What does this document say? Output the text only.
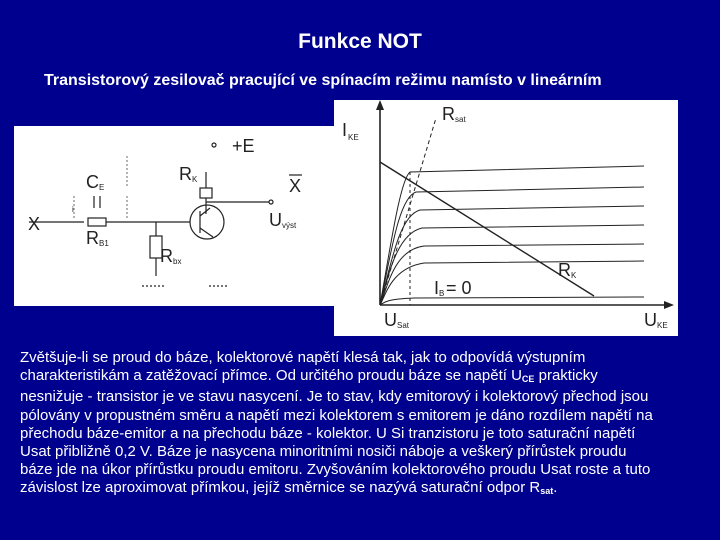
Funkce NOT
Transistorový zesilovač pracující ve spínacím režimu namísto v lineárním
+E
C E
R K	X
X
i
U výst
R B1
R bx
I KE
R sat
R K
I B = 0
U Sat	U KE

Zvětšuje-li se proud do báze, kolektorové napětí klesá tak, jak to odpovídá výstupním
charakteristikám a zatěžovací přímce. Od určitého proudu báze se napětí $U_{CE}$ prakticky
nesnižuje - transistor je ve stavu nasycení. Je to stav, kdy emitorový i kolektorový přechod jsou
pólovány v propustném směru a napětí mezi kolektorem s emitorem je dáno rozdílem napětí na
přechodu báze-emitor a na přechodu báze - kolektor. U Si tranzistoru je toto saturační napětí
Usat přibližně 0,2 V. Báze je nasycena minoritními nosiči náboje a veškerý přírůstek proudu
báze jde na úkor přírůstku proudu emitoru. Zvyšováním kolektorového proudu Usat roste a tuto
závislost lze aproximovat přímkou, jejíž směrnice se nazývá saturační odpor $R_{sat}$.
